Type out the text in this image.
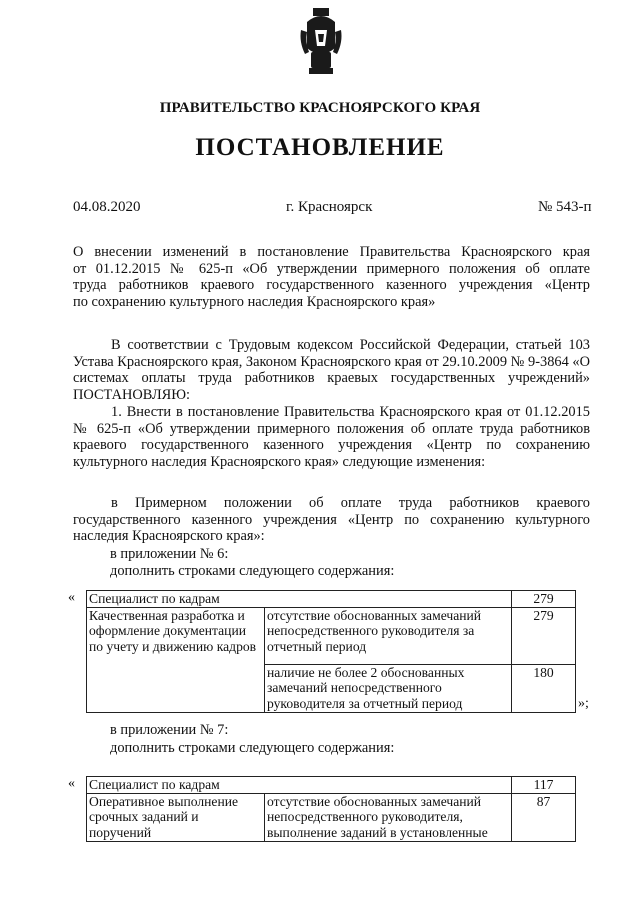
ПРАВИТЕЛЬСТВО КРАСНОЯРСКОГО КРАЯ
ПОСТАНОВЛЕНИЕ
04.08.2020	г. Красноярск	№ 543-п
О внесении изменений в постановление Правительства Красноярского края
от 01.12.2015 № 625-п «Об утверждении примерного положения об оплате
труда работников краевого государственного казенного учреждения «Центр
по сохранению культурного наследия Красноярского края»

В соответствии с Трудовым кодексом Российской Федерации, статьей 103 Устава Красноярского края, Законом Красноярского края от 29.10.2009 № 9-3864 «О системах оплаты труда работников краевых государственных учреждений» ПОСТАНОВЛЯЮ:

1. Внести в постановление Правительства Красноярского края от 01.12.2015 № 625-п «Об утверждении примерного положения об оплате труда работников краевого государственного казенного учреждения «Центр по сохранению культурного наследия Красноярского края» следующие изменения:

в Примерном положении об оплате труда работников краевого государственного казенного учреждения «Центр по сохранению культурного наследия Красноярского края»:

в приложении № 6:
дополнить строками следующего содержания:
« Специалист по кадрам		279
Качественная разработка и оформление документации по учету и движению кадров	отсутствие обоснованных замечаний непосредственного руководителя за отчетный период	279
	наличие не более 2 обоснованных замечаний непосредственного руководителя за отчетный период	180
»;
в приложении № 7:
дополнить строками следующего содержания:
« Специалист по кадрам		117
Оперативное выполнение срочных заданий и поручений	отсутствие обоснованных замечаний непосредственного руководителя, выполнение заданий в установленные	87
